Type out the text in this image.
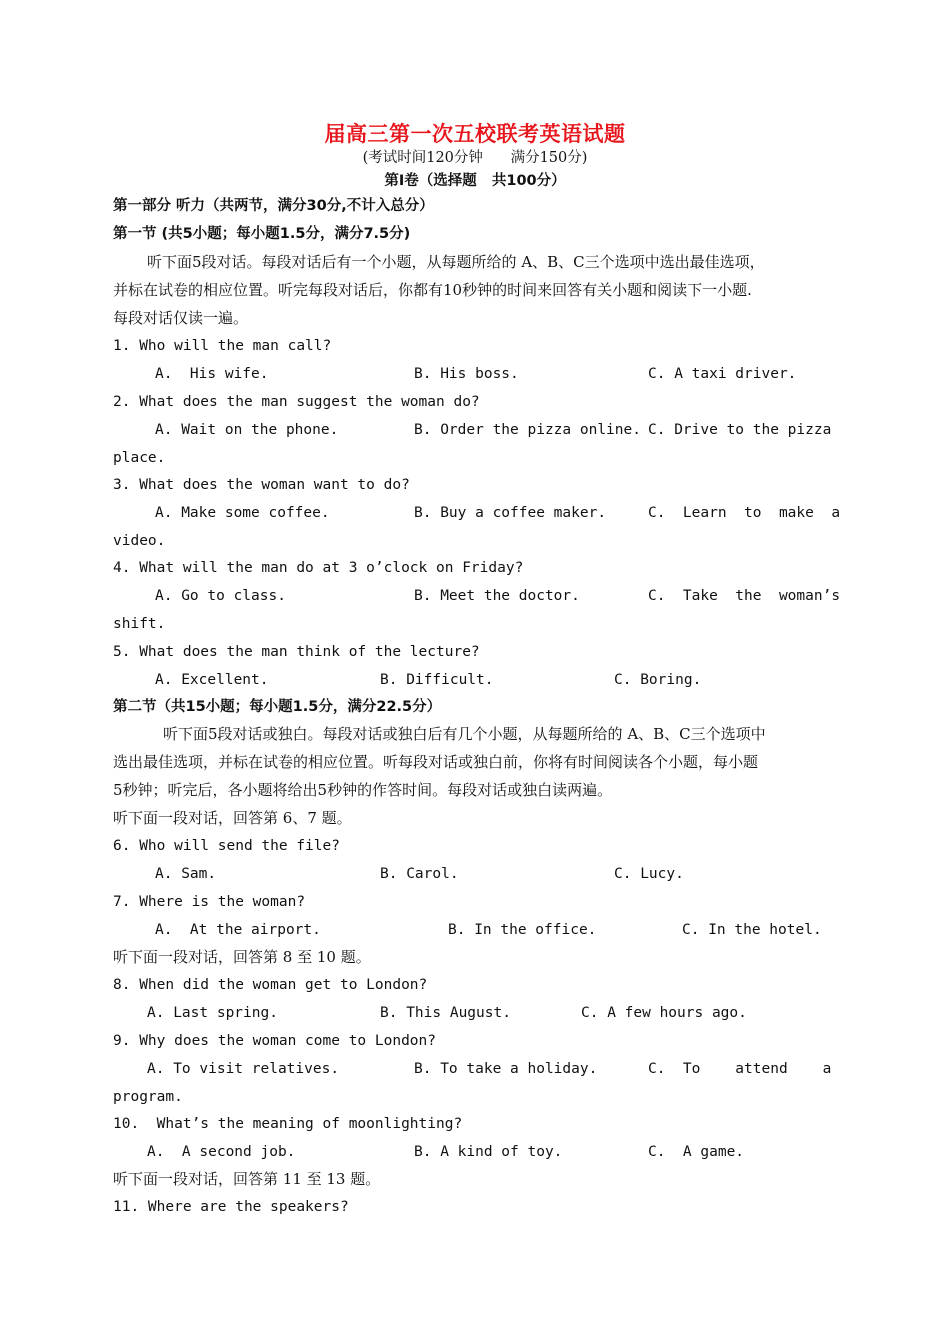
届高三第一次五校联考英语试题
(考试时间120分钟      满分150分)
第I卷（选择题   共100分）
第一部分 听力（共两节，满分30分,不计入总分）
第一节 (共5小题；每小题1.5分，满分7.5分)
听下面5段对话。每段对话后有一个小题，从每题所给的 A、B、C三个选项中选出最佳选项，
并标在试卷的相应位置。听完每段对话后，你都有10秒钟的时间来回答有关小题和阅读下一小题.
每段对话仅读一遍。
1. Who will the man call?
A.  His wife.	B. His boss.	C. A taxi driver.
2. What does the man suggest the woman do?
A. Wait on the phone.	B. Order the pizza online. C. Drive to the pizza
place.
3. What does the woman want to do?
A. Make some coffee.	B. Buy a coffee maker.	C.  Learn  to  make  a
video.
4. What will the man do at 3 o’clock on Friday?
A. Go to class.	B. Meet the doctor.	C.  Take  the  woman’s
shift.
5. What does the man think of the lecture?
A. Excellent.	B. Difficult.	C. Boring.
第二节（共15小题；每小题1.5分，满分22.5分）
听下面5段对话或独白。每段对话或独白后有几个小题，从每题所给的 A、B、C三个选项中
选出最佳选项，并标在试卷的相应位置。听每段对话或独白前，你将有时间阅读各个小题，每小题
5秒钟；听完后，各小题将给出5秒钟的作答时间。每段对话或独白读两遍。
听下面一段对话，回答第 6、7 题。
6. Who will send the file?
A. Sam.	B. Carol.	C. Lucy.
7. Where is the woman?
A.  At the airport.	B. In the office.	C. In the hotel.
听下面一段对话，回答第 8 至 10 题。
8. When did the woman get to London?
A. Last spring.	B. This August.	C. A few hours ago.
9. Why does the woman come to London?
A. To visit relatives.	B. To take a holiday.	C.  To    attend    a
program.
10.  What’s the meaning of moonlighting?
A.  A second job.	B. A kind of toy.	C.  A game.
听下面一段对话，回答第 11 至 13 题。
11. Where are the speakers?
